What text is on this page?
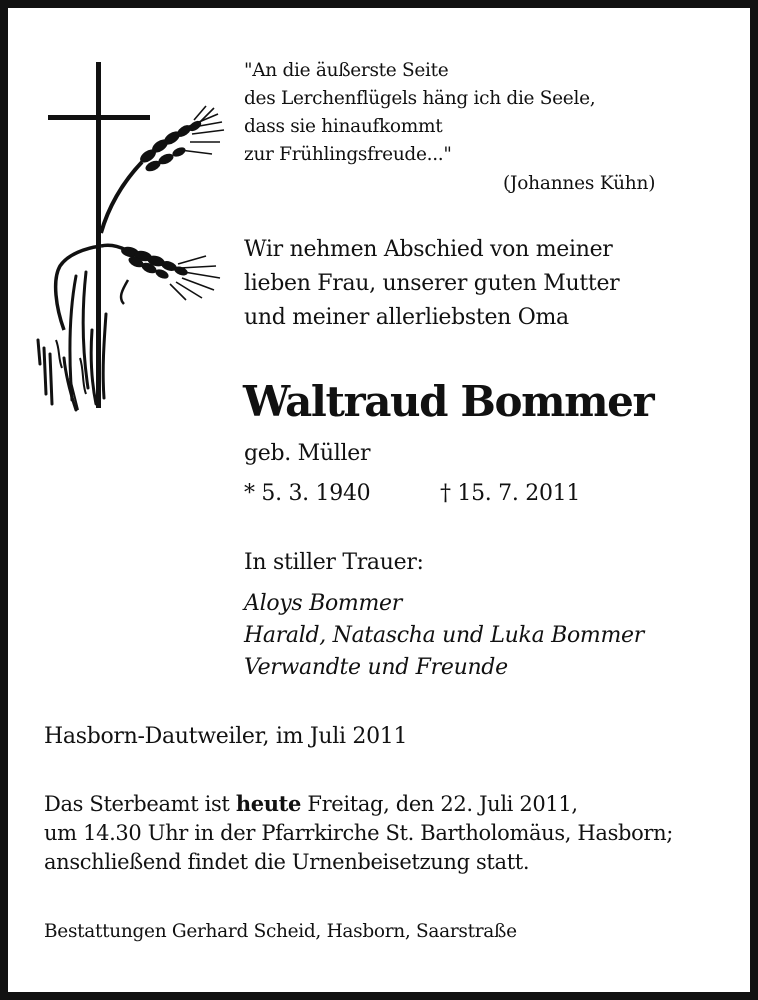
"An die äußerste Seite
des Lerchenflügels häng ich die Seele,
dass sie hinaufkommt
zur Frühlingsfreude..."
(Johannes Kühn)
Wir nehmen Abschied von meiner
lieben Frau, unserer guten Mutter
und meiner allerliebsten Oma
Waltraud Bommer
geb. Müller
* 5. 3. 1940	† 15. 7. 2011
In stiller Trauer:
Aloys Bommer
Harald, Natascha und Luka Bommer
Verwandte und Freunde
Hasborn-Dautweiler, im Juli 2011
Das Sterbeamt ist heute Freitag, den 22. Juli 2011,
um 14.30 Uhr in der Pfarrkirche St. Bartholomäus, Hasborn;
anschließend findet die Urnenbeisetzung statt.
Bestattungen Gerhard Scheid, Hasborn, Saarstraße
